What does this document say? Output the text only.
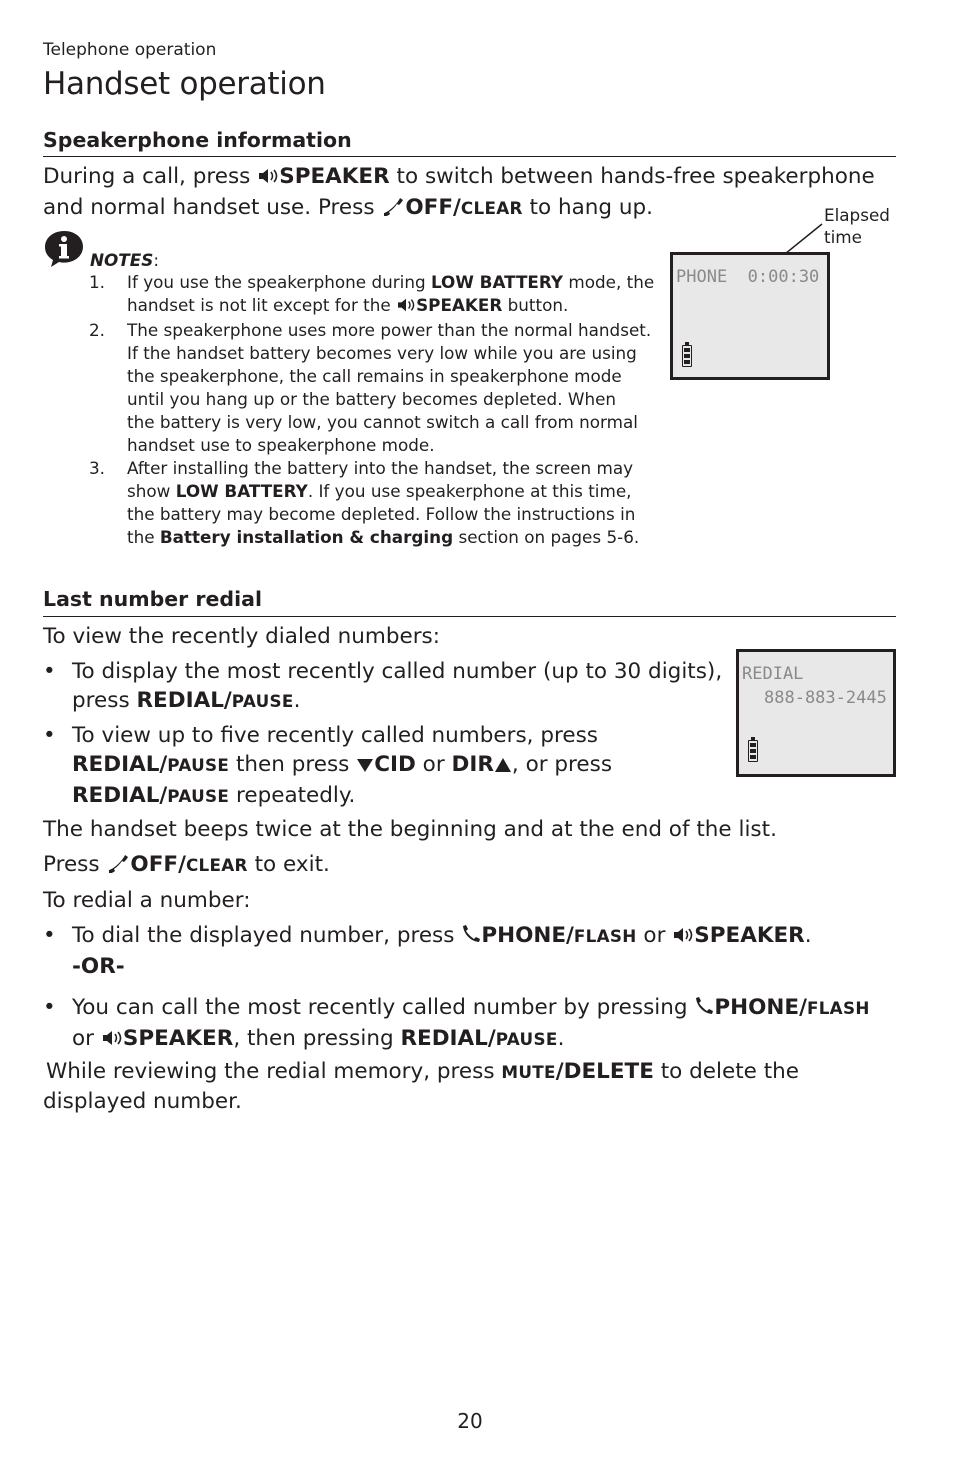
Telephone operation
Handset operation
Speakerphone information
During a call, press SPEAKER to switch between hands-free speakerphone
and normal handset use. Press OFF/CLEAR to hang up.
NOTES:
1. If you use the speakerphone during LOW BATTERY mode, the
handset is not lit except for the SPEAKER button.
2. The speakerphone uses more power than the normal handset.
If the handset battery becomes very low while you are using
the speakerphone, the call remains in speakerphone mode
until you hang up or the battery becomes depleted. When
the battery is very low, you cannot switch a call from normal
handset use to speakerphone mode.
3. After installing the battery into the handset, the screen may
show LOW BATTERY. If you use speakerphone at this time,
the battery may become depleted. Follow the instructions in
the Battery installation & charging section on pages 5-6.
Elapsed
time
PHONE  0:00:30
Last number redial
To view the recently dialed numbers:
• To display the most recently called number (up to 30 digits),
press REDIAL/PAUSE.
• To view up to five recently called numbers, press
REDIAL/PAUSE then press CID or DIR , or press
REDIAL/PAUSE repeatedly.
REDIAL
888-883-2445
The handset beeps twice at the beginning and at the end of the list.
Press OFF/CLEAR to exit.
To redial a number:
• To dial the displayed number, press PHONE/FLASH or SPEAKER.
-OR-
• You can call the most recently called number by pressing PHONE/FLASH
or SPEAKER, then pressing REDIAL/PAUSE.
While reviewing the redial memory, press MUTE/DELETE to delete the
displayed number.
20
